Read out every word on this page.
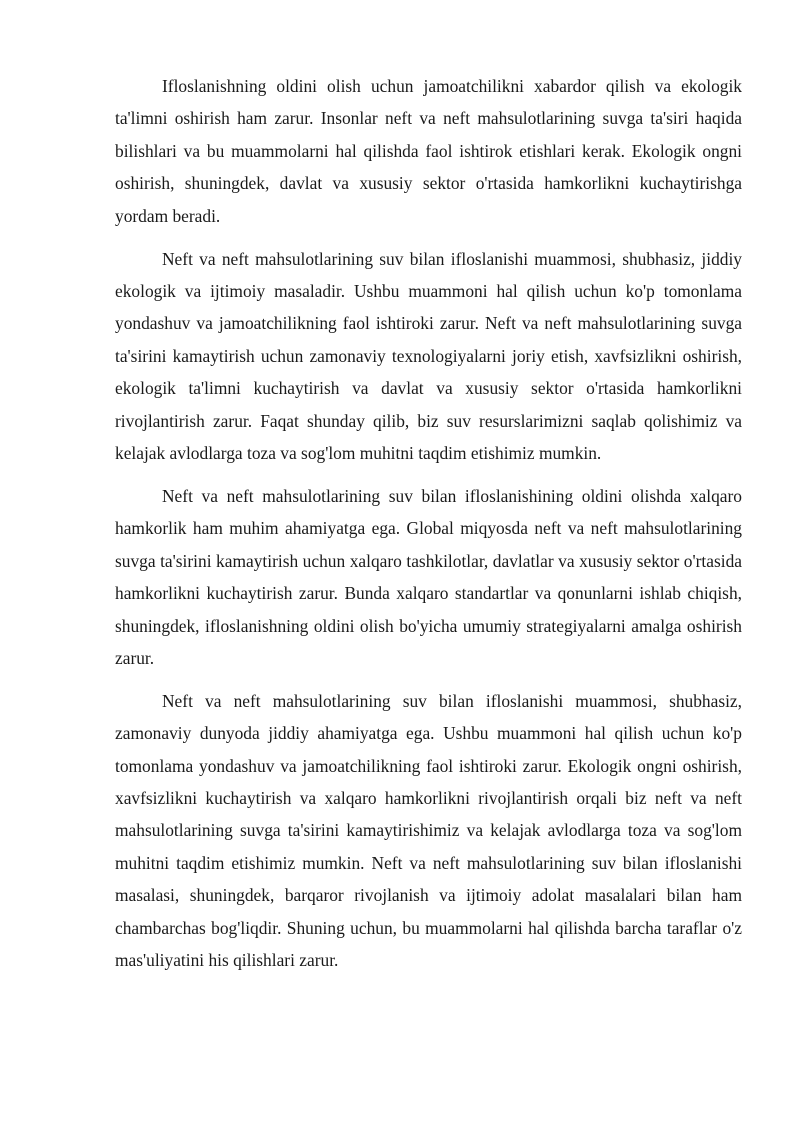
Ifloslanishning oldini olish uchun jamoatchilikni xabardor qilish va ekologik ta'limni oshirish ham zarur. Insonlar neft va neft mahsulotlarining suvga ta'siri haqida bilishlari va bu muammolarni hal qilishda faol ishtirok etishlari kerak. Ekologik ongni oshirish, shuningdek, davlat va xususiy sektor o'rtasida hamkorlikni kuchaytirishga yordam beradi.

Neft va neft mahsulotlarining suv bilan ifloslanishi muammosi, shubhasiz, jiddiy ekologik va ijtimoiy masaladir. Ushbu muammoni hal qilish uchun ko'p tomonlama yondashuv va jamoatchilikning faol ishtiroki zarur. Neft va neft mahsulotlarining suvga ta'sirini kamaytirish uchun zamonaviy texnologiyalarni joriy etish, xavfsizlikni oshirish, ekologik ta'limni kuchaytirish va davlat va xususiy sektor o'rtasida hamkorlikni rivojlantirish zarur. Faqat shunday qilib, biz suv resurslarimizni saqlab qolishimiz va kelajak avlodlarga toza va sog'lom muhitni taqdim etishimiz mumkin.

Neft va neft mahsulotlarining suv bilan ifloslanishining oldini olishda xalqaro hamkorlik ham muhim ahamiyatga ega. Global miqyosda neft va neft mahsulotlarining suvga ta'sirini kamaytirish uchun xalqaro tashkilotlar, davlatlar va xususiy sektor o'rtasida hamkorlikni kuchaytirish zarur. Bunda xalqaro standartlar va qonunlarni ishlab chiqish, shuningdek, ifloslanishning oldini olish bo'yicha umumiy strategiyalarni amalga oshirish zarur.

Neft va neft mahsulotlarining suv bilan ifloslanishi muammosi, shubhasiz, zamonaviy dunyoda jiddiy ahamiyatga ega. Ushbu muammoni hal qilish uchun ko'p tomonlama yondashuv va jamoatchilikning faol ishtiroki zarur. Ekologik ongni oshirish, xavfsizlikni kuchaytirish va xalqaro hamkorlikni rivojlantirish orqali biz neft va neft mahsulotlarining suvga ta'sirini kamaytirishimiz va kelajak avlodlarga toza va sog'lom muhitni taqdim etishimiz mumkin. Neft va neft mahsulotlarining suv bilan ifloslanishi masalasi, shuningdek, barqaror rivojlanish va ijtimoiy adolat masalalari bilan ham chambarchas bog'liqdir. Shuning uchun, bu muammolarni hal qilishda barcha taraflar o'z mas'uliyatini his qilishlari zarur.
